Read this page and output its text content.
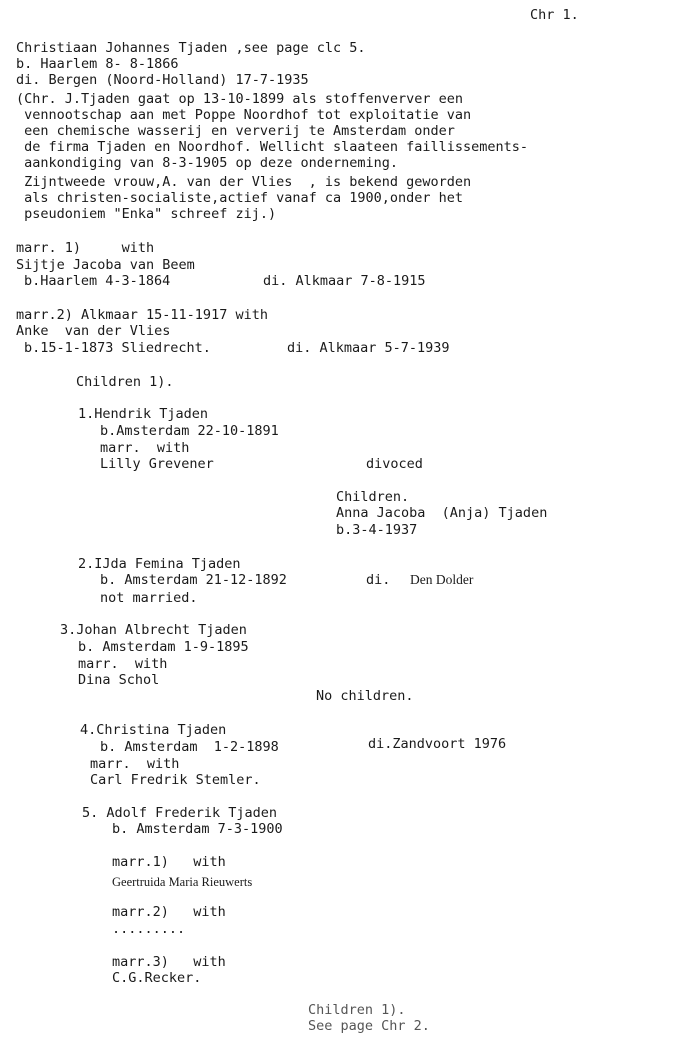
Chr 1.
Christiaan Johannes Tjaden ,see page clc 5.
b. Haarlem 8- 8-1866
di. Bergen (Noord-Holland) 17-7-1935
(Chr. J.Tjaden gaat op 13-10-1899 als stoffenverver een
vennootschap aan met Poppe Noordhof tot exploitatie van
een chemische wasserij en ververij te Amsterdam onder
de firma Tjaden en Noordhof. Wellicht slaateen faillissements-
aankondiging van 8-3-1905 op deze onderneming.
Zijntweede vrouw,A. van der Vlies  , is bekend geworden
als christen-socialiste,actief vanaf ca 1900,onder het
pseudoniem "Enka" schreef zij.)
marr. 1)     with
Sijtje Jacoba van Beem
b.Haarlem 4-3-1864	di. Alkmaar 7-8-1915
marr.2) Alkmaar 15-11-1917 with
Anke  van der Vlies
b.15-1-1873 Sliedrecht.	di. Alkmaar 5-7-1939
Children 1).
1.Hendrik Tjaden
b.Amsterdam 22-10-1891
marr.  with
Lilly Grevener	divoced
Children.
Anna Jacoba  (Anja) Tjaden
b.3-4-1937
2.IJda Femina Tjaden
b. Amsterdam 21-12-1892	di. Den Dolder
not married.
3.Johan Albrecht Tjaden
b. Amsterdam 1-9-1895
marr.  with
Dina Schol
No children.
4.Christina Tjaden
b. Amsterdam  1-2-1898	di.Zandvoort 1976
marr.  with
Carl Fredrik Stemler.
5. Adolf Frederik Tjaden
b. Amsterdam 7-3-1900
marr.1)   with
Geertruida Maria Rieuwerts
marr.2)   with
.........
marr.3)   with
C.G.Recker.
Children 1).
See page Chr 2.
